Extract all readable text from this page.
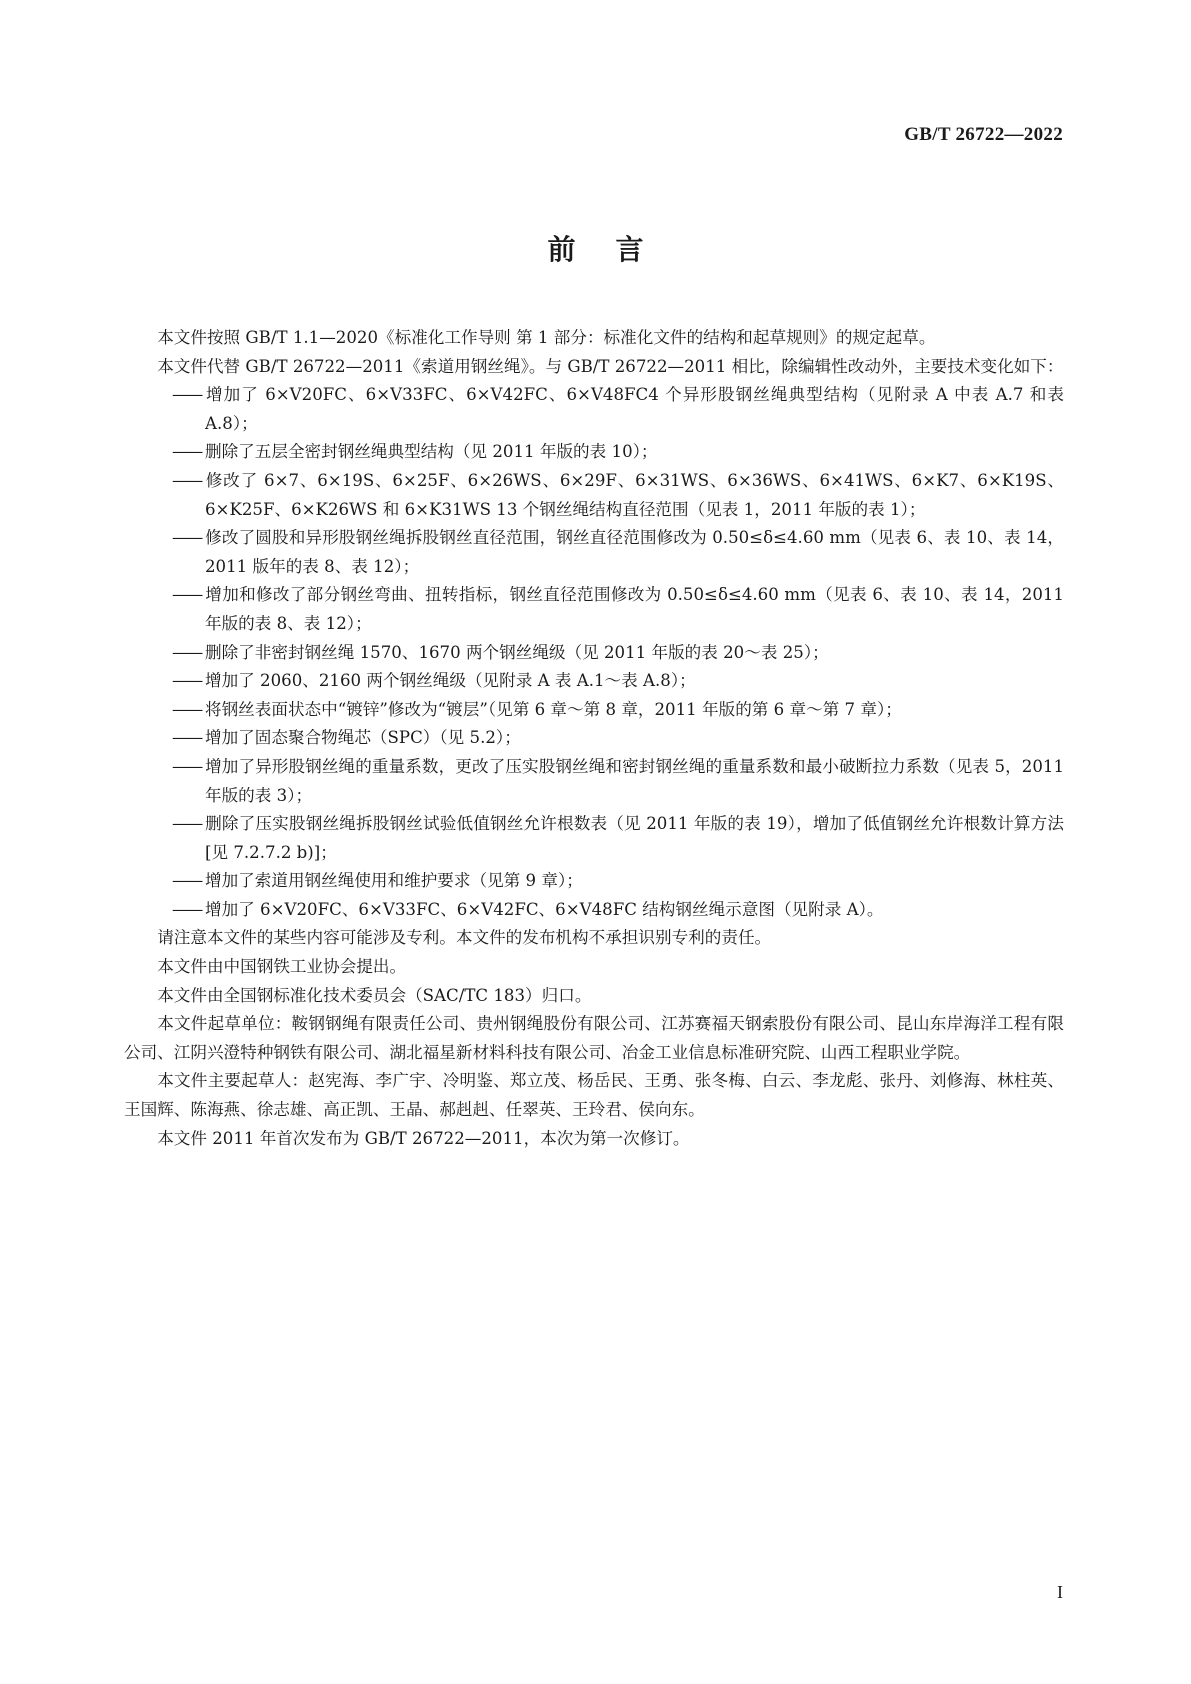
GB/T 26722—2022
前言

本文件按照 GB/T 1.1—2020《标准化工作导则 第 1 部分：标准化文件的结构和起草规则》的规定起草。

本文件代替 GB/T 26722—2011《索道用钢丝绳》。与 GB/T 26722—2011 相比，除编辑性改动外，主要技术变化如下：

—— 增加了 6×V20FC、6×V33FC、6×V42FC、6×V48FC4 个异形股钢丝绳典型结构（见附录 A 中表 A.7 和表 A.8）；

—— 删除了五层全密封钢丝绳典型结构（见 2011 年版的表 10）；

—— 修改了 6×7、6×19S、6×25F、6×26WS、6×29F、6×31WS、6×36WS、6×41WS、6×K7、6×K19S、6×K25F、6×K26WS 和 6×K31WS 13 个钢丝绳结构直径范围（见表 1，2011 年版的表 1）；

—— 修改了圆股和异形股钢丝绳拆股钢丝直径范围，钢丝直径范围修改为 0.50≤δ≤4.60 mm（见表 6、表 10、表 14，2011 版年的表 8、表 12）；

—— 增加和修改了部分钢丝弯曲、扭转指标，钢丝直径范围修改为 0.50≤δ≤4.60 mm（见表 6、表 10、表 14，2011 年版的表 8、表 12）；

—— 删除了非密封钢丝绳 1570、1670 两个钢丝绳级（见 2011 年版的表 20～表 25）；

—— 增加了 2060、2160 两个钢丝绳级（见附录 A 表 A.1～表 A.8）；

—— 将钢丝表面状态中“镀锌”修改为“镀层”（见第 6 章～第 8 章，2011 年版的第 6 章～第 7 章）；

—— 增加了固态聚合物绳芯（SPC）（见 5.2）；

—— 增加了异形股钢丝绳的重量系数，更改了压实股钢丝绳和密封钢丝绳的重量系数和最小破断拉力系数（见表 5，2011 年版的表 3）；

—— 删除了压实股钢丝绳拆股钢丝试验低值钢丝允许根数表（见 2011 年版的表 19），增加了低值钢丝允许根数计算方法[见 7.2.7.2 b)]；

—— 增加了索道用钢丝绳使用和维护要求（见第 9 章）；

—— 增加了 6×V20FC、6×V33FC、6×V42FC、6×V48FC 结构钢丝绳示意图（见附录 A）。

请注意本文件的某些内容可能涉及专利。本文件的发布机构不承担识别专利的责任。

本文件由中国钢铁工业协会提出。

本文件由全国钢标准化技术委员会（SAC/TC 183）归口。

本文件起草单位：鞍钢钢绳有限责任公司、贵州钢绳股份有限公司、江苏赛福天钢索股份有限公司、昆山东岸海洋工程有限公司、江阴兴澄特种钢铁有限公司、湖北福星新材料科技有限公司、冶金工业信息标准研究院、山西工程职业学院。

本文件主要起草人：赵宪海、李广宇、冷明鉴、郑立茂、杨岳民、王勇、张冬梅、白云、李龙彪、张丹、刘修海、林柱英、王国辉、陈海燕、徐志雄、高正凯、王晶、郝赳赳、任翠英、王玲君、侯向东。

本文件 2011 年首次发布为 GB/T 26722—2011，本次为第一次修订。

I
